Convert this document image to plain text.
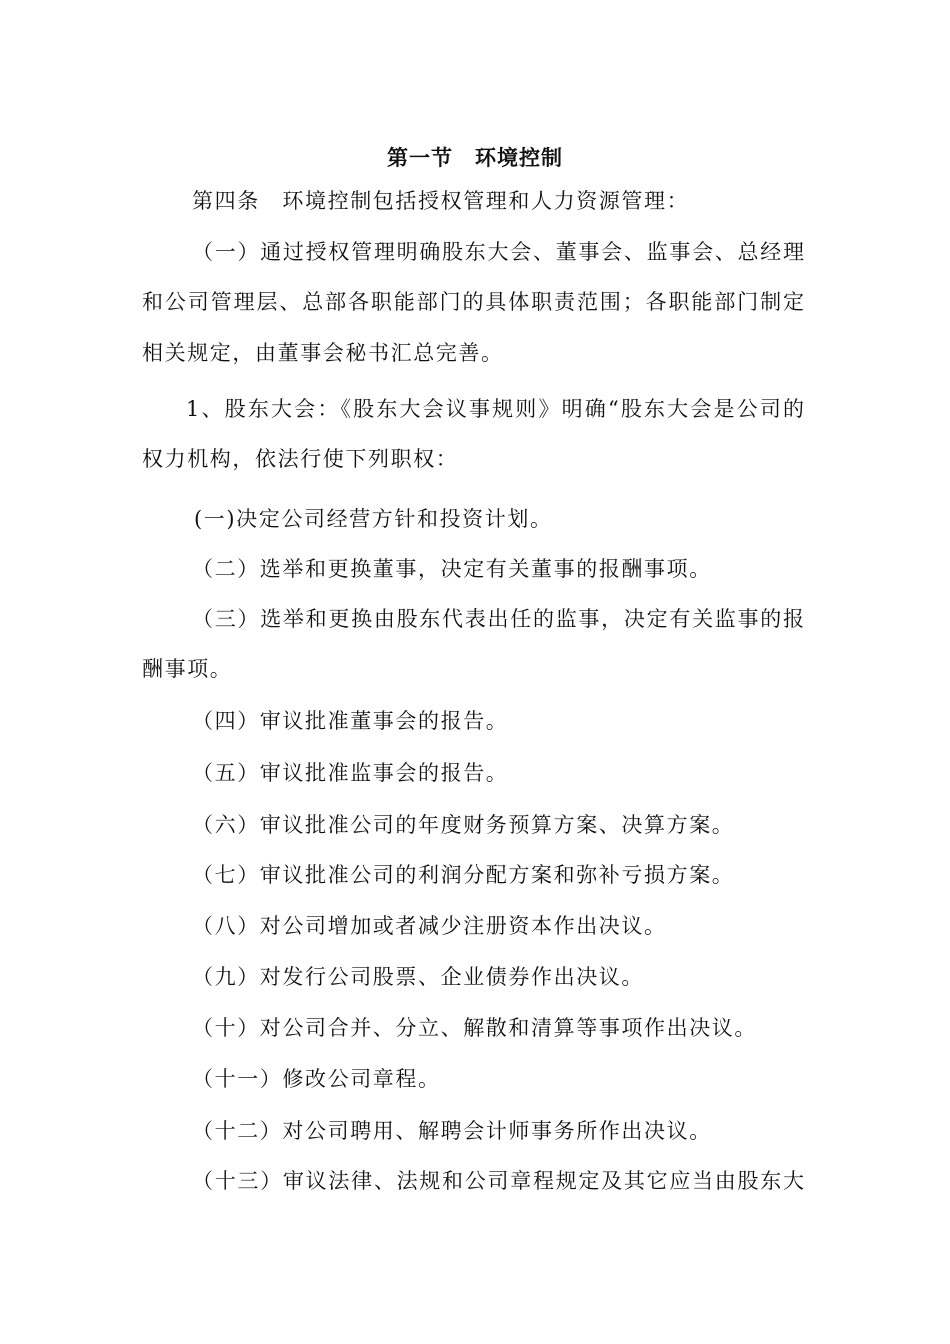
第一节　环境控制
第四条　环境控制包括授权管理和人力资源管理：
（一）通过授权管理明确股东大会、董事会、监事会、总经理
和公司管理层、总部各职能部门的具体职责范围；各职能部门制定
相关规定，由董事会秘书汇总完善。
1、股东大会：《股东大会议事规则》明确“股东大会是公司的
权力机构，依法行使下列职权：
(一)决定公司经营方针和投资计划。
（二）选举和更换董事，决定有关董事的报酬事项。
（三）选举和更换由股东代表出任的监事，决定有关监事的报
酬事项。
（四）审议批准董事会的报告。
（五）审议批准监事会的报告。
（六）审议批准公司的年度财务预算方案、决算方案。
（七）审议批准公司的利润分配方案和弥补亏损方案。
（八）对公司增加或者减少注册资本作出决议。
（九）对发行公司股票、企业债券作出决议。
（十）对公司合并、分立、解散和清算等事项作出决议。
（十一）修改公司章程。
（十二）对公司聘用、解聘会计师事务所作出决议。
（十三）审议法律、法规和公司章程规定及其它应当由股东大
